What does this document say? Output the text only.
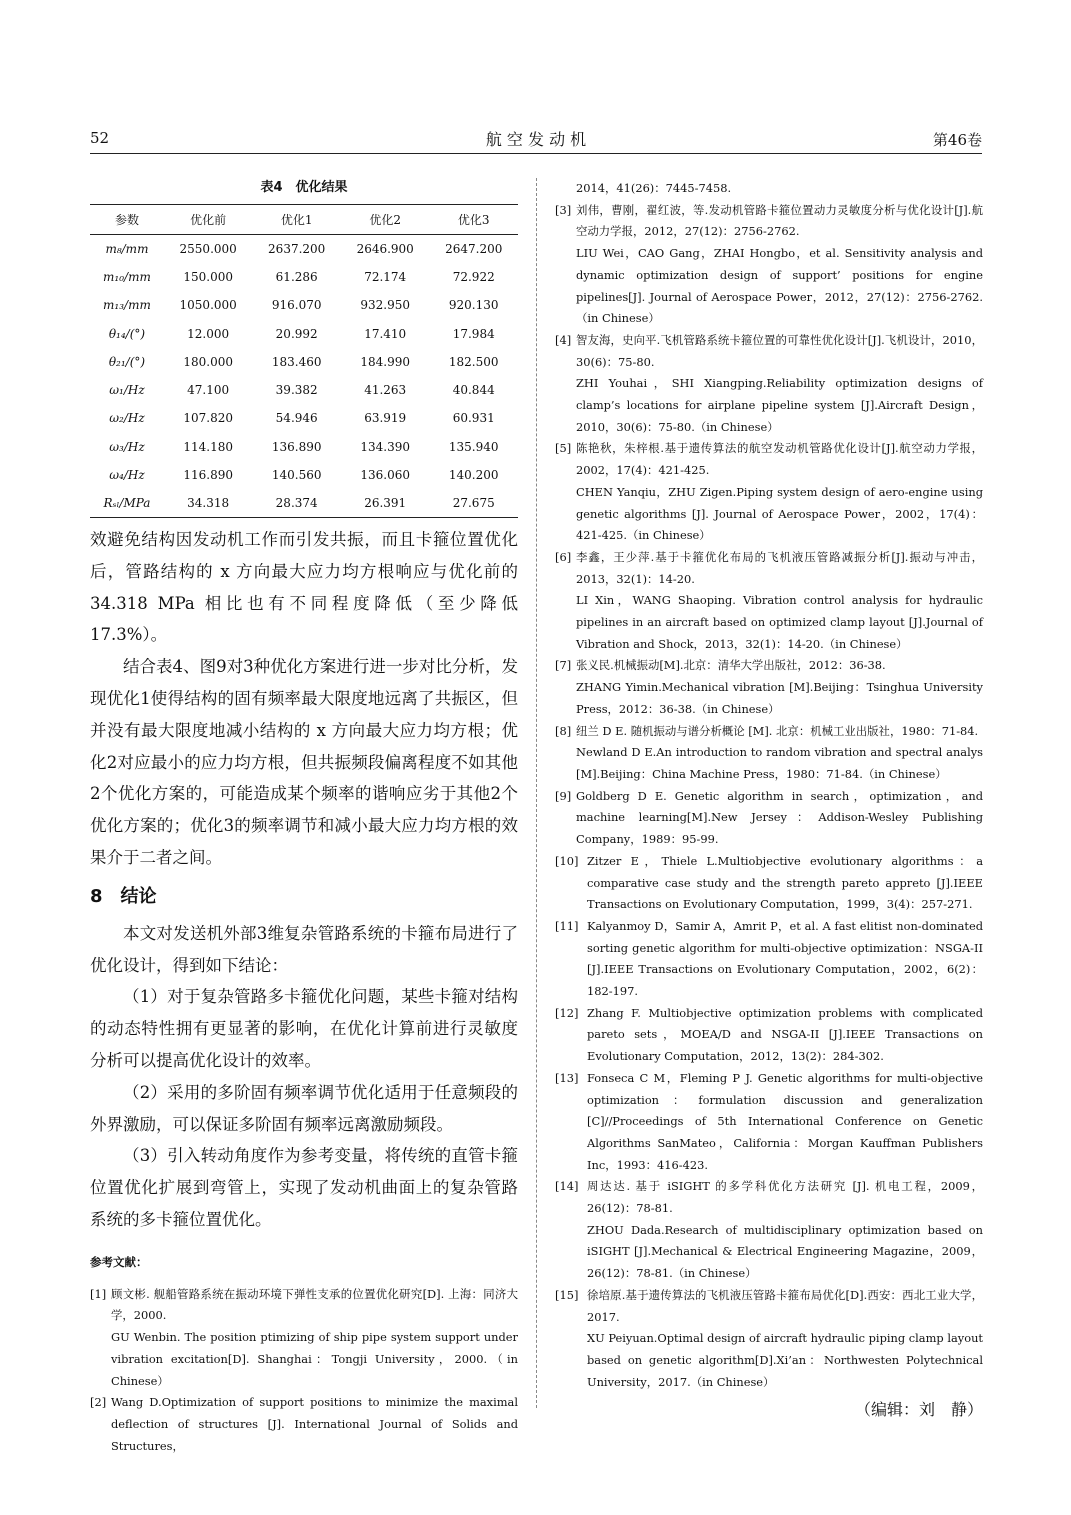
52	航 空 发 动 机	第46卷
表4　优化结果
参数	优化前	优化1	优化2	优化3
m₈/mm	2550.000	2637.200	2646.900	2647.200
m₁₀/mm	150.000	61.286	72.174	72.922
m₁₃/mm	1050.000	916.070	932.950	920.130
θ₁₄/(°)	12.000	20.992	17.410	17.984
θ₂₁/(°)	180.000	183.460	184.990	182.500
ω₁/Hz	47.100	39.382	41.263	40.844
ω₂/Hz	107.820	54.946	63.919	60.931
ω₃/Hz	114.180	136.890	134.390	135.940
ω₄/Hz	116.890	140.560	136.060	140.200
Rₛₗ/MPa	34.318	28.374	26.391	27.675

效避免结构因发动机工作而引发共振，而且卡箍位置优化后，管路结构的 x 方向最大应力均方根响应与优化前的 34.318 MPa 相比也有不同程度降低（至少降低 17.3%）。

结合表4、图9对3种优化方案进行进一步对比分析，发现优化1使得结构的固有频率最大限度地远离了共振区，但并没有最大限度地减小结构的 x 方向最大应力均方根；优化2对应最小的应力均方根，但共振频段偏离程度不如其他2个优化方案的，可能造成某个频率的谐响应劣于其他2个优化方案的；优化3的频率调节和减小最大应力均方根的效果介于二者之间。

8　结论

本文对发送机外部3维复杂管路系统的卡箍布局进行了优化设计，得到如下结论：

（1）对于复杂管路多卡箍优化问题，某些卡箍对结构的动态特性拥有更显著的影响，在优化计算前进行灵敏度分析可以提高优化设计的效率。

（2）采用的多阶固有频率调节优化适用于任意频段的外界激励，可以保证多阶固有频率远离激励频段。

（3）引入转动角度作为参考变量，将传统的直管卡箍位置优化扩展到弯管上，实现了发动机曲面上的复杂管路系统的多卡箍位置优化。

参考文献：
[1] 顾文彬. 舰船管路系统在振动环境下弹性支承的位置优化研究[D]. 上海：同济大学，2000.
GU Wenbin. The position ptimizing of ship pipe system support under vibration excitation[D]. Shanghai：Tongji University，2000.（in Chinese）
[2] Wang D.Optimization of support positions to minimize the maximal deflection of structures [J]. International Journal of Solids and Structures，
2014，41(26)：7445-7458.
[3] 刘伟，曹刚，翟红波，等.发动机管路卡箍位置动力灵敏度分析与优化设计[J].航空动力学报，2012，27(12)：2756-2762.
LIU Wei，CAO Gang，ZHAI Hongbo，et al. Sensitivity analysis and dynamic optimization design of support’ positions for engine pipelines[J]. Journal of Aerospace Power，2012，27(12)：2756-2762.（in Chinese）
[4] 智友海，史向平.飞机管路系统卡箍位置的可靠性优化设计[J].飞机设计，2010，30(6)：75-80.
ZHI Youhai，SHI Xiangping.Reliability optimization designs of clamp’s locations for airplane pipeline system [J].Aircraft Design，2010，30(6)：75-80.（in Chinese）
[5] 陈艳秋，朱梓根.基于遗传算法的航空发动机管路优化设计[J].航空动力学报，2002，17(4)：421-425.
CHEN Yanqiu，ZHU Zigen.Piping system design of aero-engine using genetic algorithms [J]. Journal of Aerospace Power，2002，17(4)：421-425.（in Chinese）
[6] 李鑫，王少萍.基于卡箍优化布局的飞机液压管路减振分析[J].振动与冲击，2013，32(1)：14-20.
LI Xin，WANG Shaoping. Vibration control analysis for hydraulic pipelines in an aircraft based on optimized clamp layout [J].Journal of Vibration and Shock，2013，32(1)：14-20.（in Chinese）
[7] 张义民.机械振动[M].北京：清华大学出版社，2012：36-38.
ZHANG Yimin.Mechanical vibration [M].Beijing：Tsinghua University Press，2012：36-38.（in Chinese）
[8] 纽兰 D E. 随机振动与谱分析概论 [M]. 北京：机械工业出版社，1980：71-84.
Newland D E.An introduction to random vibration and spectral analys [M].Beijing：China Machine Press，1980：71-84.（in Chinese）
[9] Goldberg D E. Genetic algorithm in search，optimization，and machine learning[M].New Jersey：Addison-Wesley Publishing Company，1989：95-99.
[10] Zitzer E，Thiele L.Multiobjective evolutionary algorithms：a comparative case study and the strength pareto appreto [J].IEEE Transactions on Evolutionary Computation，1999，3(4)：257-271.
[11] Kalyanmoy D，Samir A，Amrit P，et al. A fast elitist non-dominated sorting genetic algorithm for multi-objective optimization：NSGA-II [J].IEEE Transactions on Evolutionary Computation，2002，6(2)：182-197.
[12] Zhang F. Multiobjective optimization problems with complicated pareto sets，MOEA/D and NSGA-II [J].IEEE Transactions on Evolutionary Computation，2012，13(2)：284-302.
[13] Fonseca C M，Fleming P J. Genetic algorithms for multi-objective optimization：formulation discussion and generalization [C]//Proceedings of 5th International Conference on Genetic Algorithms SanMateo，California：Morgan Kauffman Publishers Inc，1993：416-423.
[14] 周达达. 基于 iSIGHT 的多学科优化方法研究 [J]. 机电工程，2009，26(12)：78-81.
ZHOU Dada.Research of multidisciplinary optimization based on iSIGHT [J].Mechanical & Electrical Engineering Magazine，2009，26(12)：78-81.（in Chinese）
[15] 徐培原.基于遗传算法的飞机液压管路卡箍布局优化[D].西安：西北工业大学，2017.
XU Peiyuan.Optimal design of aircraft hydraulic piping clamp layout based on genetic algorithm[D].Xi’an：Northwesten Polytechnical University，2017.（in Chinese）
（编辑：刘　静）
